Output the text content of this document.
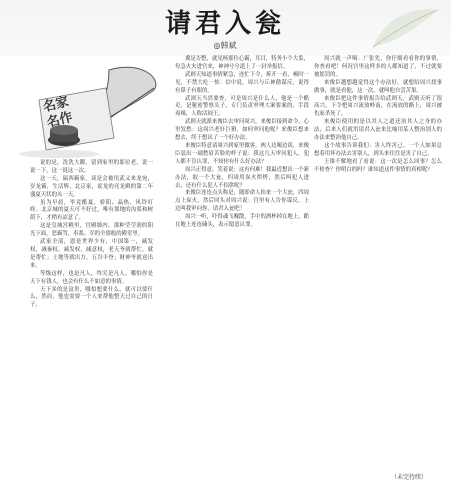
请君入瓮
◎韩斌
名家
名作

说的是，洗洗大脚，留到家里的那位老，说一说一下，这一说这一次。

这一天，瑞西霸家，谈是会被用武又来龙宛，岁龙霸，生活辉，北京家，霍龙的亮龙殿的第二年盛夏天状的头一天。

虽为早晨，毕竟酷夏，骄阳、晶热，风铃叮咚。北京城的夏天可不好过，唯有那地的沟渠和树荫下，才稍有凉意了。

这是皇城宫殿里，宫殿墙内，那种莹莹润的阳光下面，恶霸驾，奉系、军的全那般的殿堂里。

武家全部，恩是世界少有，中国第一，减发权，减秦权，减发权，减意权，老天爷就帮忙，就是帮忙；土地等就出力，五谷丰登；财神爷就送出来。

等级这样，也是凡人，终究是凡人，哪怕你是天下有钱人，也会有什么不如意的事情。

天下多的是富贵，哪怕想要什么，就可以要什么，然而，他也需要一个人来帮他整天过自己的日子。

冀是否整，就见杨那位心霸，耳目，特务小个大监，每急火火进宫来，神神兮兮道上了一封举报信。

武则天知道事情紧急，连忙下令，拆开一看，顿时一见，不禁大吃一惊：信中说，周兴与丘神勣谋反，说得有鼻子有眼的。

武则天当然要查，可是周兴是什么人，他是一个酷吏，是秘密警察头子，专门负责审理大案要案的，手段毒辣，人称活阎王。

武则天就派来俊臣去审问周兴。来俊臣接到命令，心里发愁：这周兴老奸巨猾，如何审问他呢？来俊臣想来想去，终于想出了一个好办法。

来俊臣特意请周兴到家里做客，两人边喝边谈，来俊臣装出一副愁眉苦脸的样子说：我这几天审问犯人，犯人都不肯认罪，不知你有什么好办法？

周兴正得意，笑着说：这有何难！我最近想出一个新办法，取一个大瓮，四周用炭火烘烤，然后叫犯人进去，还有什么犯人不招供呢？

来俊臣连连点头称是，随即命人抬来一个大瓮，四周点上炭火，然后回头对周兴说：宫里有人告你谋反，上边叫我审问你，请君入瓮吧！

周兴一听，吓得魂飞魄散，手中的酒杯掉在地上，跪在地上连连磕头，表示愿意认罪。

周兴就一声喝：广张先，你仔细看看你的事情，你查看吧！何况宫里这样多的人都知道了，不过就要被惩罚的。

来俊臣越想越觉得这个办法好，就想给周兴找事做事，就是看他，这一次，就叫他自尝苦果。

来俊臣把这件事情报告给武则天，武则天听了很高兴，下令把周兴流放岭南，在流放的路上，周兴被仇家杀死了。

来俊臣使用的是以其人之道还治其人之身的办法，后来人们就用请君入瓮来比喻用某人整治别人的办法来整治他自己。

这个故事告诉我们：害人终害己。一个人如果总想着用坏办法去害别人，到头来往往是害了自己。

王维不解地看了看说：这一次是怎么回事？怎么不检查？你明白的吗？谁知道这件事情的真相呢？

（未完待续）
